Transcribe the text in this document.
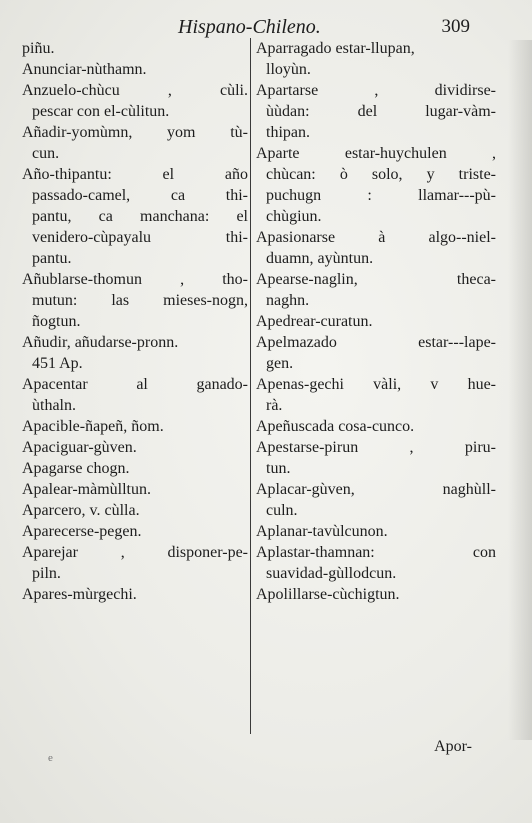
Hispano-Chileno.	309
piñu.
Anunciar-nùthamn.
Anzuelo-chùcu , cùli.
pescar con el-cùlitun.
Añadir-yomùmn, yom tù-
cun.
Año-thipantu: el año
passado-camel, ca thi-
pantu, ca manchana: el
venidero-cùpayalu thi-
pantu.
Añublarse-thomun , tho-
mutun: las mieses-nogn,
ñogtun.
Añudir, añudarse-pronn.
451 Ap.
Apacentar al ganado-
ùthaln.
Apacible-ñapeñ, ñom.
Apaciguar-gùven.
Apagarse chogn.
Apalear-màmùlltun.
Aparcero, v. cùlla.
Aparecerse-pegen.
Aparejar , disponer-pe-
piln.
Apares-mùrgechi.
Aparragado estar-llupan,
lloyùn.
Apartarse , dividirse-
ùùdan: del lugar-vàm-
thipan.
Aparte estar-huychulen ,
chùcan: ò solo, y triste-
puchugn : llamar---pù-
chùgiun.
Apasionarse à algo--niel-
duamn, ayùntun.
Apearse-naglin, theca-
naghn.
Apedrear-curatun.
Apelmazado estar---lape-
gen.
Apenas-gechi vàli, v hue-
rà.
Apeñuscada cosa-cunco.
Apestarse-pirun , piru-
tun.
Aplacar-gùven, naghùll-
culn.
Aplanar-tavùlcunon.
Aplastar-thamnan: con
suavidad-gùllodcun.
Apolillarse-cùchigtun.
Apor-
e
